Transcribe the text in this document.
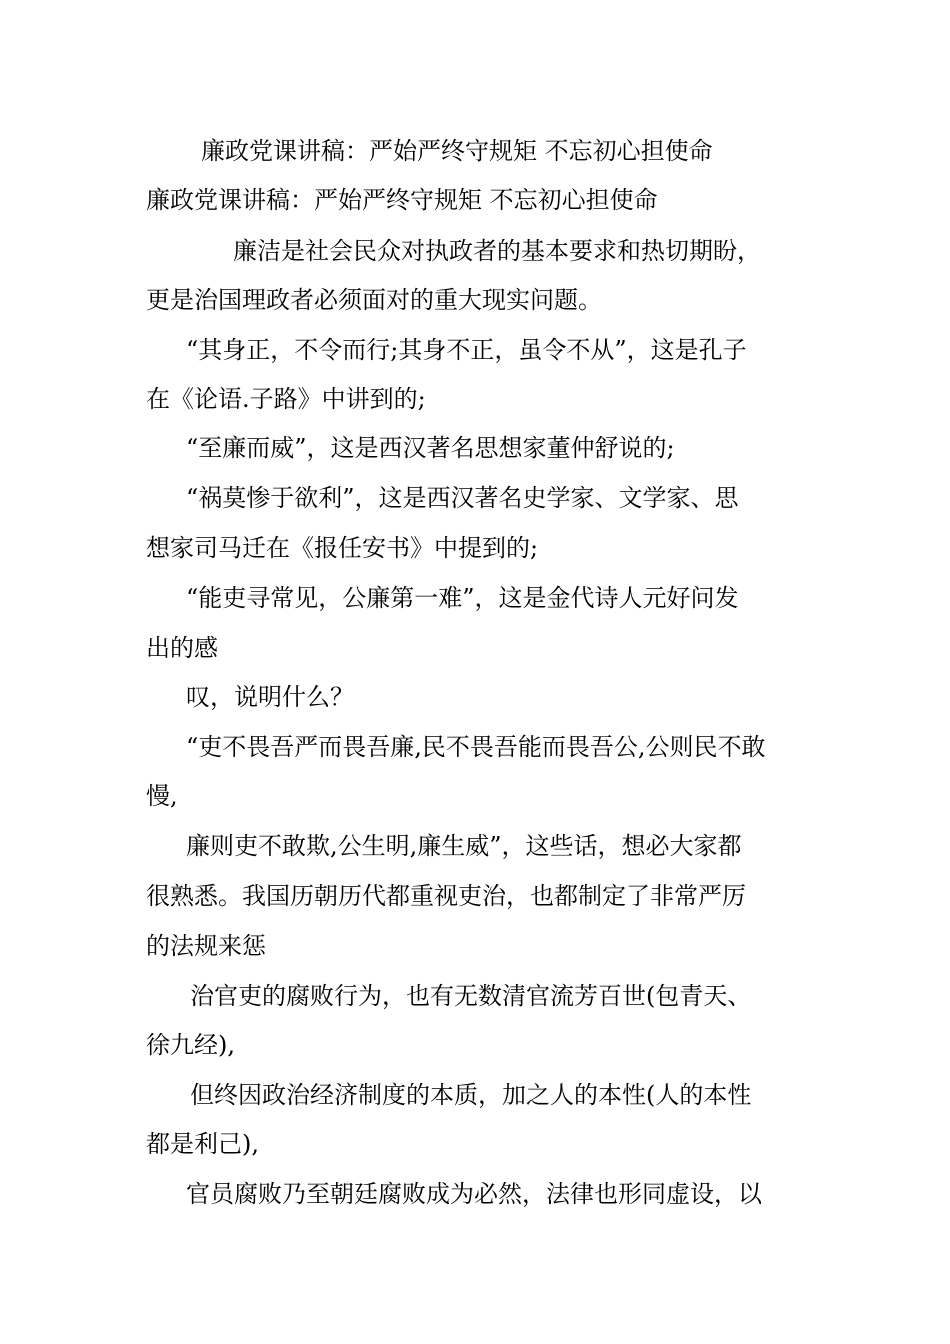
廉政党课讲稿：严始严终守规矩 不忘初心担使命

廉政党课讲稿：严始严终守规矩 不忘初心担使命

廉洁是社会民众对执政者的基本要求和热切期盼，

更是治国理政者必须面对的重大现实问题。

“其身正，不令而行;其身不正，虽令不从”，这是孔子

在《论语.子路》中讲到的;

“至廉而威”，这是西汉著名思想家董仲舒说的;

“祸莫惨于欲利”，这是西汉著名史学家、文学家、思

想家司马迁在《报任安书》中提到的;

“能吏寻常见，公廉第一难”，这是金代诗人元好问发

出的感

叹，说明什么？

“吏不畏吾严而畏吾廉,民不畏吾能而畏吾公,公则民不敢

慢,

廉则吏不敢欺,公生明,廉生威”，这些话，想必大家都

很熟悉。我国历朝历代都重视吏治，也都制定了非常严厉

的法规来惩

治官吏的腐败行为，也有无数清官流芳百世(包青天、

徐九经),

但终因政治经济制度的本质，加之人的本性(人的本性

都是利己),

官员腐败乃至朝廷腐败成为必然，法律也形同虚设，以
